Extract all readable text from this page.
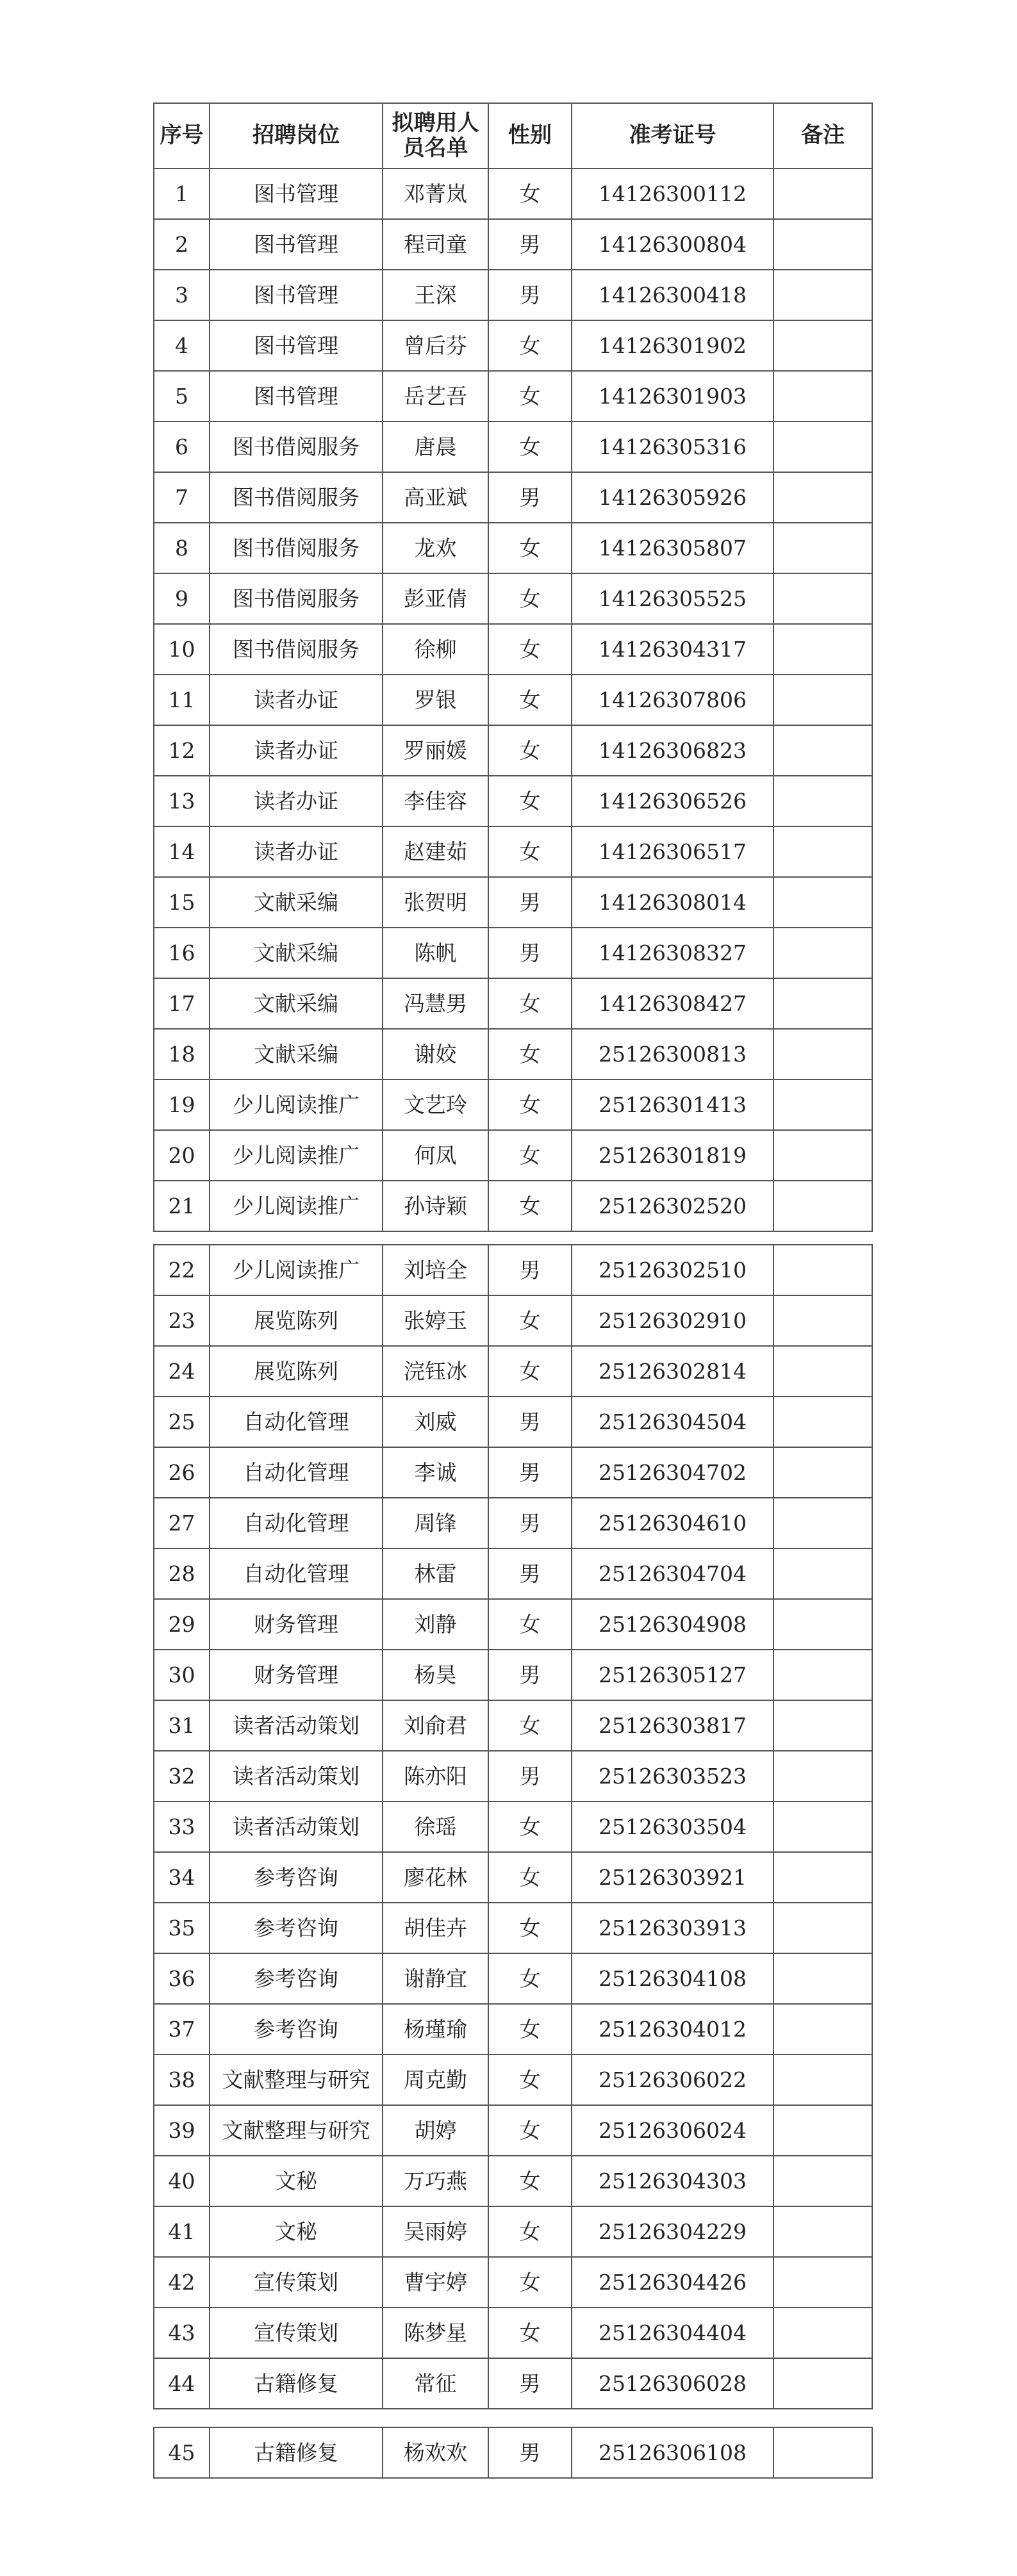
序号	招聘岗位	拟聘用人员名单	性别	准考证号	备注
1	图书管理	邓菁岚	女	14126300112	
2	图书管理	程司童	男	14126300804	
3	图书管理	王深	男	14126300418	
4	图书管理	曾后芬	女	14126301902	
5	图书管理	岳艺吾	女	14126301903	
6	图书借阅服务	唐晨	女	14126305316	
7	图书借阅服务	高亚斌	男	14126305926	
8	图书借阅服务	龙欢	女	14126305807	
9	图书借阅服务	彭亚倩	女	14126305525	
10	图书借阅服务	徐柳	女	14126304317	
11	读者办证	罗银	女	14126307806	
12	读者办证	罗丽媛	女	14126306823	
13	读者办证	李佳容	女	14126306526	
14	读者办证	赵建茹	女	14126306517	
15	文献采编	张贺明	男	14126308014	
16	文献采编	陈帆	男	14126308327	
17	文献采编	冯慧男	女	14126308427	
18	文献采编	谢姣	女	25126300813	
19	少儿阅读推广	文艺玲	女	25126301413	
20	少儿阅读推广	何凤	女	25126301819	
21	少儿阅读推广	孙诗颖	女	25126302520	
22	少儿阅读推广	刘培全	男	25126302510	
23	展览陈列	张婷玉	女	25126302910	
24	展览陈列	浣钰冰	女	25126302814	
25	自动化管理	刘威	男	25126304504	
26	自动化管理	李诚	男	25126304702	
27	自动化管理	周锋	男	25126304610	
28	自动化管理	林雷	男	25126304704	
29	财务管理	刘静	女	25126304908	
30	财务管理	杨昊	男	25126305127	
31	读者活动策划	刘俞君	女	25126303817	
32	读者活动策划	陈亦阳	男	25126303523	
33	读者活动策划	徐瑶	女	25126303504	
34	参考咨询	廖花林	女	25126303921	
35	参考咨询	胡佳卉	女	25126303913	
36	参考咨询	谢静宜	女	25126304108	
37	参考咨询	杨瑾瑜	女	25126304012	
38	文献整理与研究	周克勤	女	25126306022	
39	文献整理与研究	胡婷	女	25126306024	
40	文秘	万巧燕	女	25126304303	
41	文秘	吴雨婷	女	25126304229	
42	宣传策划	曹宇婷	女	25126304426	
43	宣传策划	陈梦星	女	25126304404	
44	古籍修复	常征	男	25126306028	
45	古籍修复	杨欢欢	男	25126306108	
